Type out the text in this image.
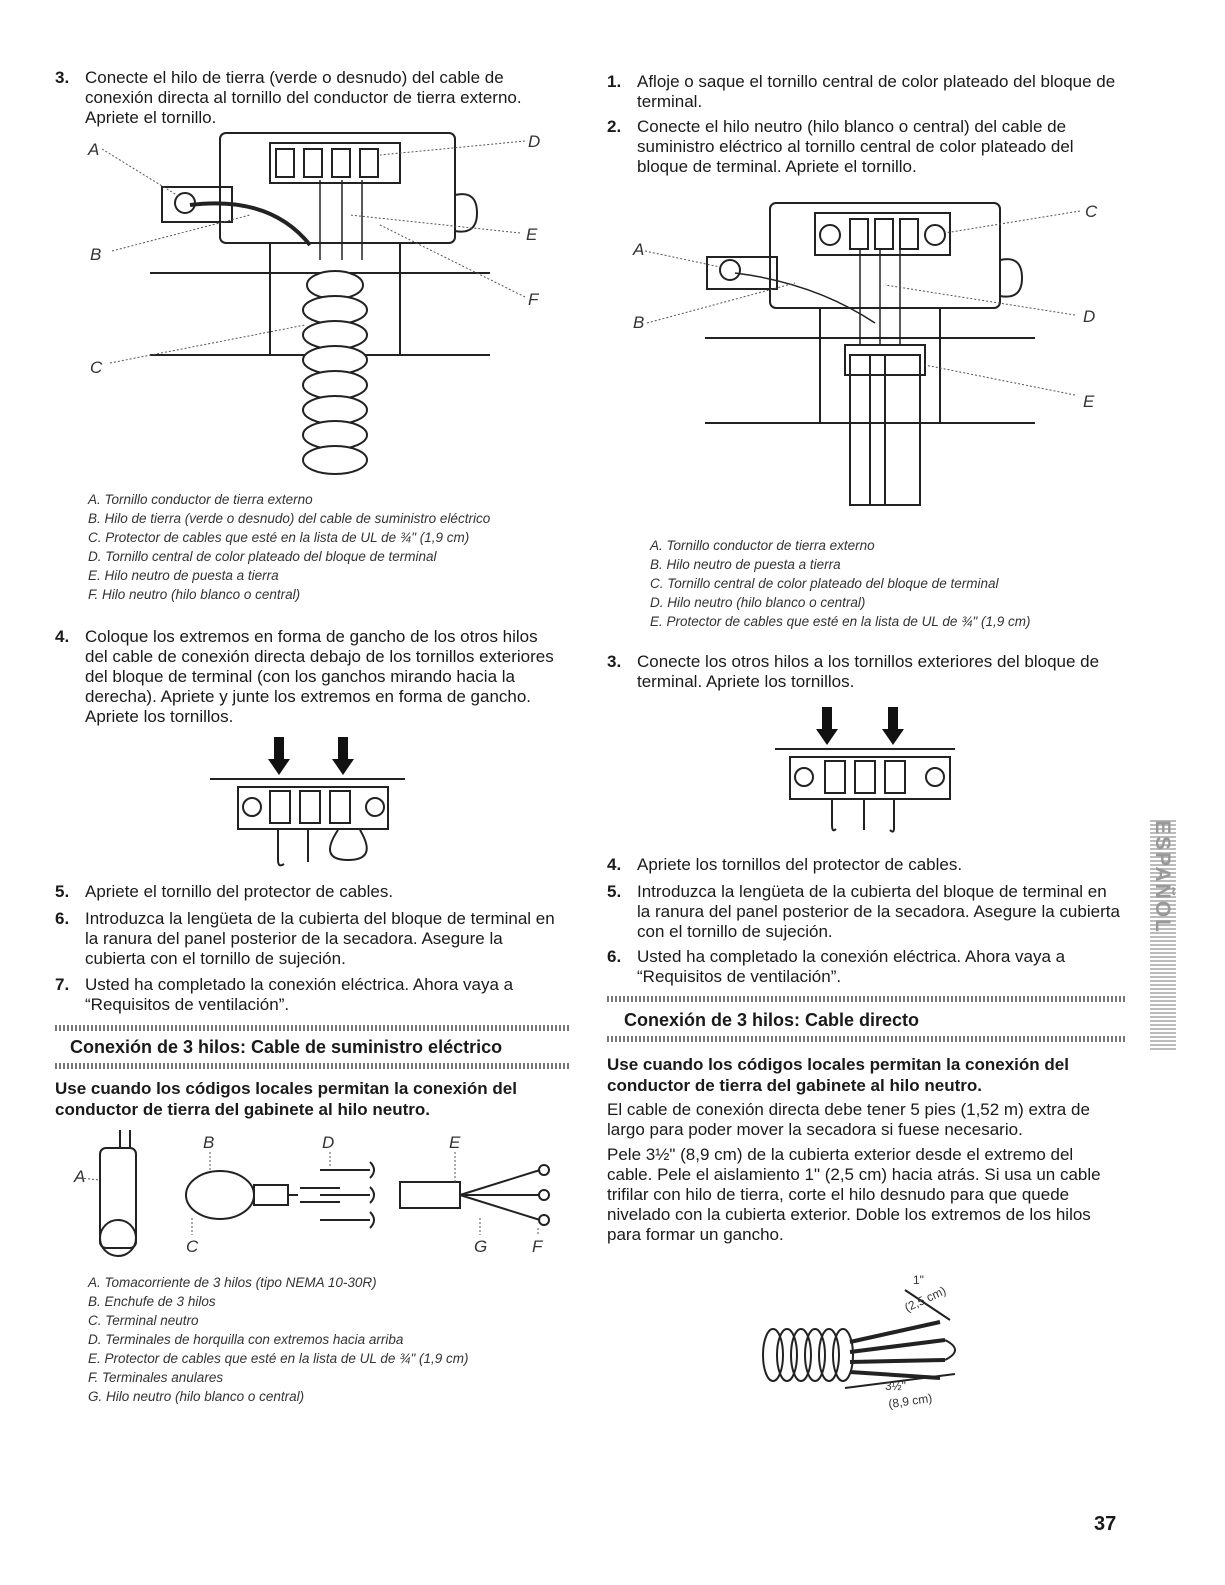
3. Conecte el hilo de tierra (verde o desnudo) del cable de conexión directa al tornillo del conductor de tierra externo. Apriete el tornillo.
A
B
C
D
E
F
A. Tornillo conductor de tierra externo
B. Hilo de tierra (verde o desnudo) del cable de suministro eléctrico
C. Protector de cables que esté en la lista de UL de ¾" (1,9 cm)
D. Tornillo central de color plateado del bloque de terminal
E. Hilo neutro de puesta a tierra
F. Hilo neutro (hilo blanco o central)
4. Coloque los extremos en forma de gancho de los otros hilos del cable de conexión directa debajo de los tornillos exteriores del bloque de terminal (con los ganchos mirando hacia la derecha). Apriete y junte los extremos en forma de gancho. Apriete los tornillos.
5. Apriete el tornillo del protector de cables.
6. Introduzca la lengüeta de la cubierta del bloque de terminal en la ranura del panel posterior de la secadora. Asegure la cubierta con el tornillo de sujeción.
7. Usted ha completado la conexión eléctrica. Ahora vaya a “Requisitos de ventilación”.
Conexión de 3 hilos: Cable de suministro eléctrico
Use cuando los códigos locales permitan la conexión del conductor de tierra del gabinete al hilo neutro.
A
B
C
D	E
F
G
A. Tomacorriente de 3 hilos (tipo NEMA 10-30R)
B. Enchufe de 3 hilos
C. Terminal neutro
D. Terminales de horquilla con extremos hacia arriba
E. Protector de cables que esté en la lista de UL de ¾" (1,9 cm)
F. Terminales anulares
G. Hilo neutro (hilo blanco o central)
1. Afloje o saque el tornillo central de color plateado del bloque de terminal.
2. Conecte el hilo neutro (hilo blanco o central) del cable de suministro eléctrico al tornillo central de color plateado del bloque de terminal. Apriete el tornillo.
A
B
C
D
E
A. Tornillo conductor de tierra externo
B. Hilo neutro de puesta a tierra
C. Tornillo central de color plateado del bloque de terminal
D. Hilo neutro (hilo blanco o central)
E. Protector de cables que esté en la lista de UL de ¾" (1,9 cm)
3. Conecte los otros hilos a los tornillos exteriores del bloque de terminal. Apriete los tornillos.
4. Apriete los tornillos del protector de cables.
5. Introduzca la lengüeta de la cubierta del bloque de terminal en la ranura del panel posterior de la secadora. Asegure la cubierta con el tornillo de sujeción.
6. Usted ha completado la conexión eléctrica. Ahora vaya a “Requisitos de ventilación”.
Conexión de 3 hilos: Cable directo
Use cuando los códigos locales permitan la conexión del conductor de tierra del gabinete al hilo neutro.
El cable de conexión directa debe tener 5 pies (1,52 m) extra de largo para poder mover la secadora si fuese necesario.
Pele 3½" (8,9 cm) de la cubierta exterior desde el extremo del cable. Pele el aislamiento 1" (2,5 cm) hacia atrás. Si usa un cable trifilar con hilo de tierra, corte el hilo desnudo para que quede nivelado con la cubierta exterior. Doble los extremos de los hilos para formar un gancho.
1"
(2,5 cm)
3½"
(8,9 cm)
ESPAÑOL
37
